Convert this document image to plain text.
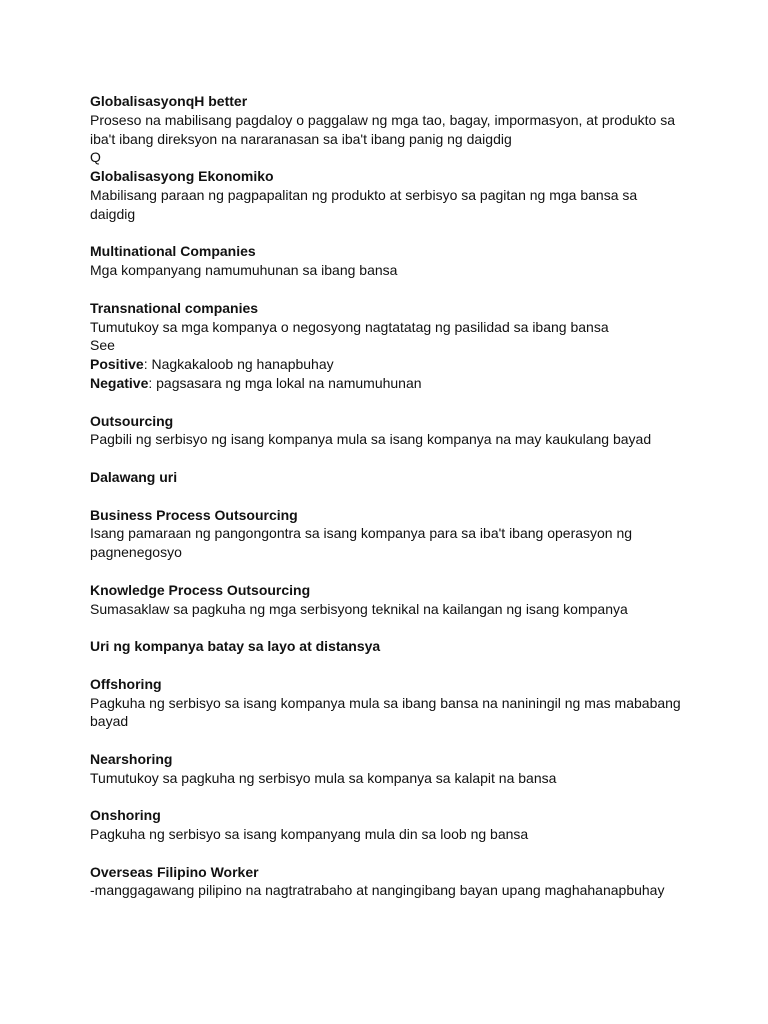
GlobalisasyonqH better
Proseso na mabilisang pagdaloy o paggalaw ng mga tao, bagay, impormasyon, at produkto sa
iba't ibang direksyon na nararanasan sa iba't ibang panig ng daigdig
Q
Globalisasyong Ekonomiko
Mabilisang paraan ng pagpapalitan ng produkto at serbisyo sa pagitan ng mga bansa sa
daigdig
Multinational Companies
Mga kompanyang namumuhunan sa ibang bansa
Transnational companies
Tumutukoy sa mga kompanya o negosyong nagtatatag ng pasilidad sa ibang bansa
See
Positive: Nagkakaloob ng hanapbuhay
Negative: pagsasara ng mga lokal na namumuhunan
Outsourcing
Pagbili ng serbisyo ng isang kompanya mula sa isang kompanya na may kaukulang bayad
Dalawang uri
Business Process Outsourcing
Isang pamaraan ng pangongontra sa isang kompanya para sa iba't ibang operasyon ng
pagnenegosyo
Knowledge Process Outsourcing
Sumasaklaw sa pagkuha ng mga serbisyong teknikal na kailangan ng isang kompanya
Uri ng kompanya batay sa layo at distansya
Offshoring
Pagkuha ng serbisyo sa isang kompanya mula sa ibang bansa na naniningil ng mas mababang
bayad
Nearshoring
Tumutukoy sa pagkuha ng serbisyo mula sa kompanya sa kalapit na bansa
Onshoring
Pagkuha ng serbisyo sa isang kompanyang mula din sa loob ng bansa
Overseas Filipino Worker
-manggagawang pilipino na nagtratrabaho at nangingibang bayan upang maghahanapbuhay
